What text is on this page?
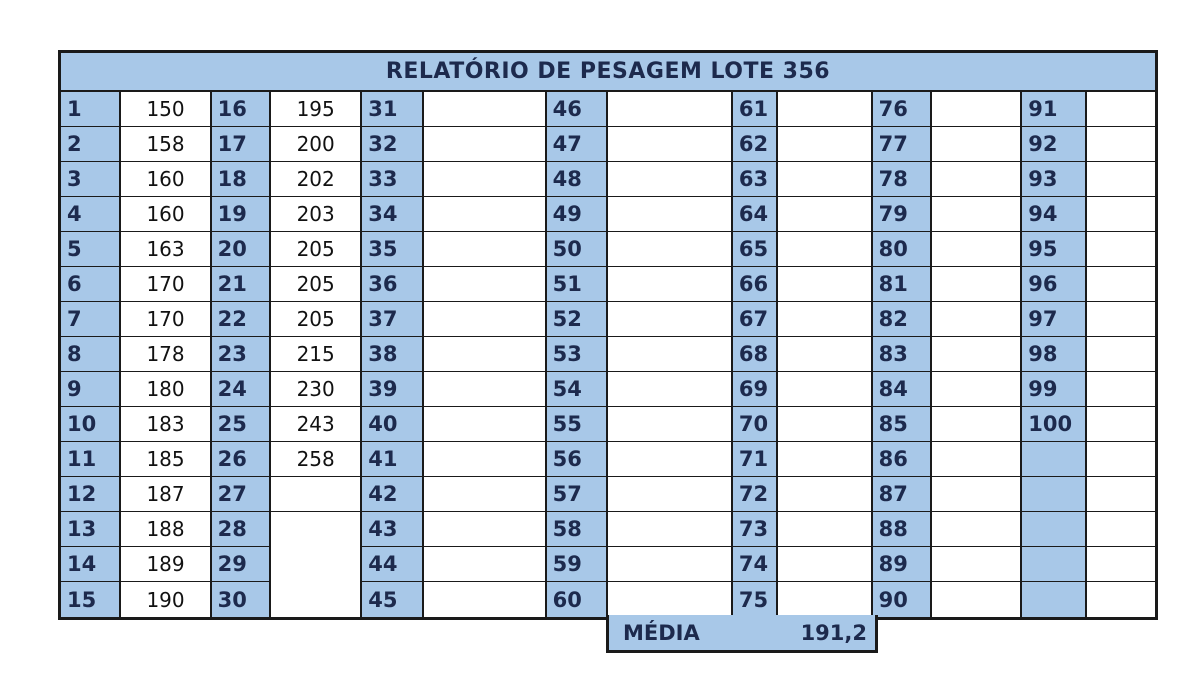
RELATÓRIO DE PESAGEM LOTE 356
1
2
3
4
5
6
7
8
9
10
11
12
13
14
15
150
158
160
160
163
170
170
178
180
183
185
187
188
189
190
16
17
18
19
20
21
22
23
24
25
26
27
28
29
30
195
200
202
203
205
205
205
215
230
243
258
31
32
33
34
35
36
37
38
39
40
41
42
43
44
45
46
47
48
49
50
51
52
53
54
55
56
57
58
59
60
61
62
63
64
65
66
67
68
69
70
71
72
73
74
75
76
77
78
79
80
81
82
83
84
85
86
87
88
89
90
91
92
93
94
95
96
97
98
99
100
MÉDIA	191,2
